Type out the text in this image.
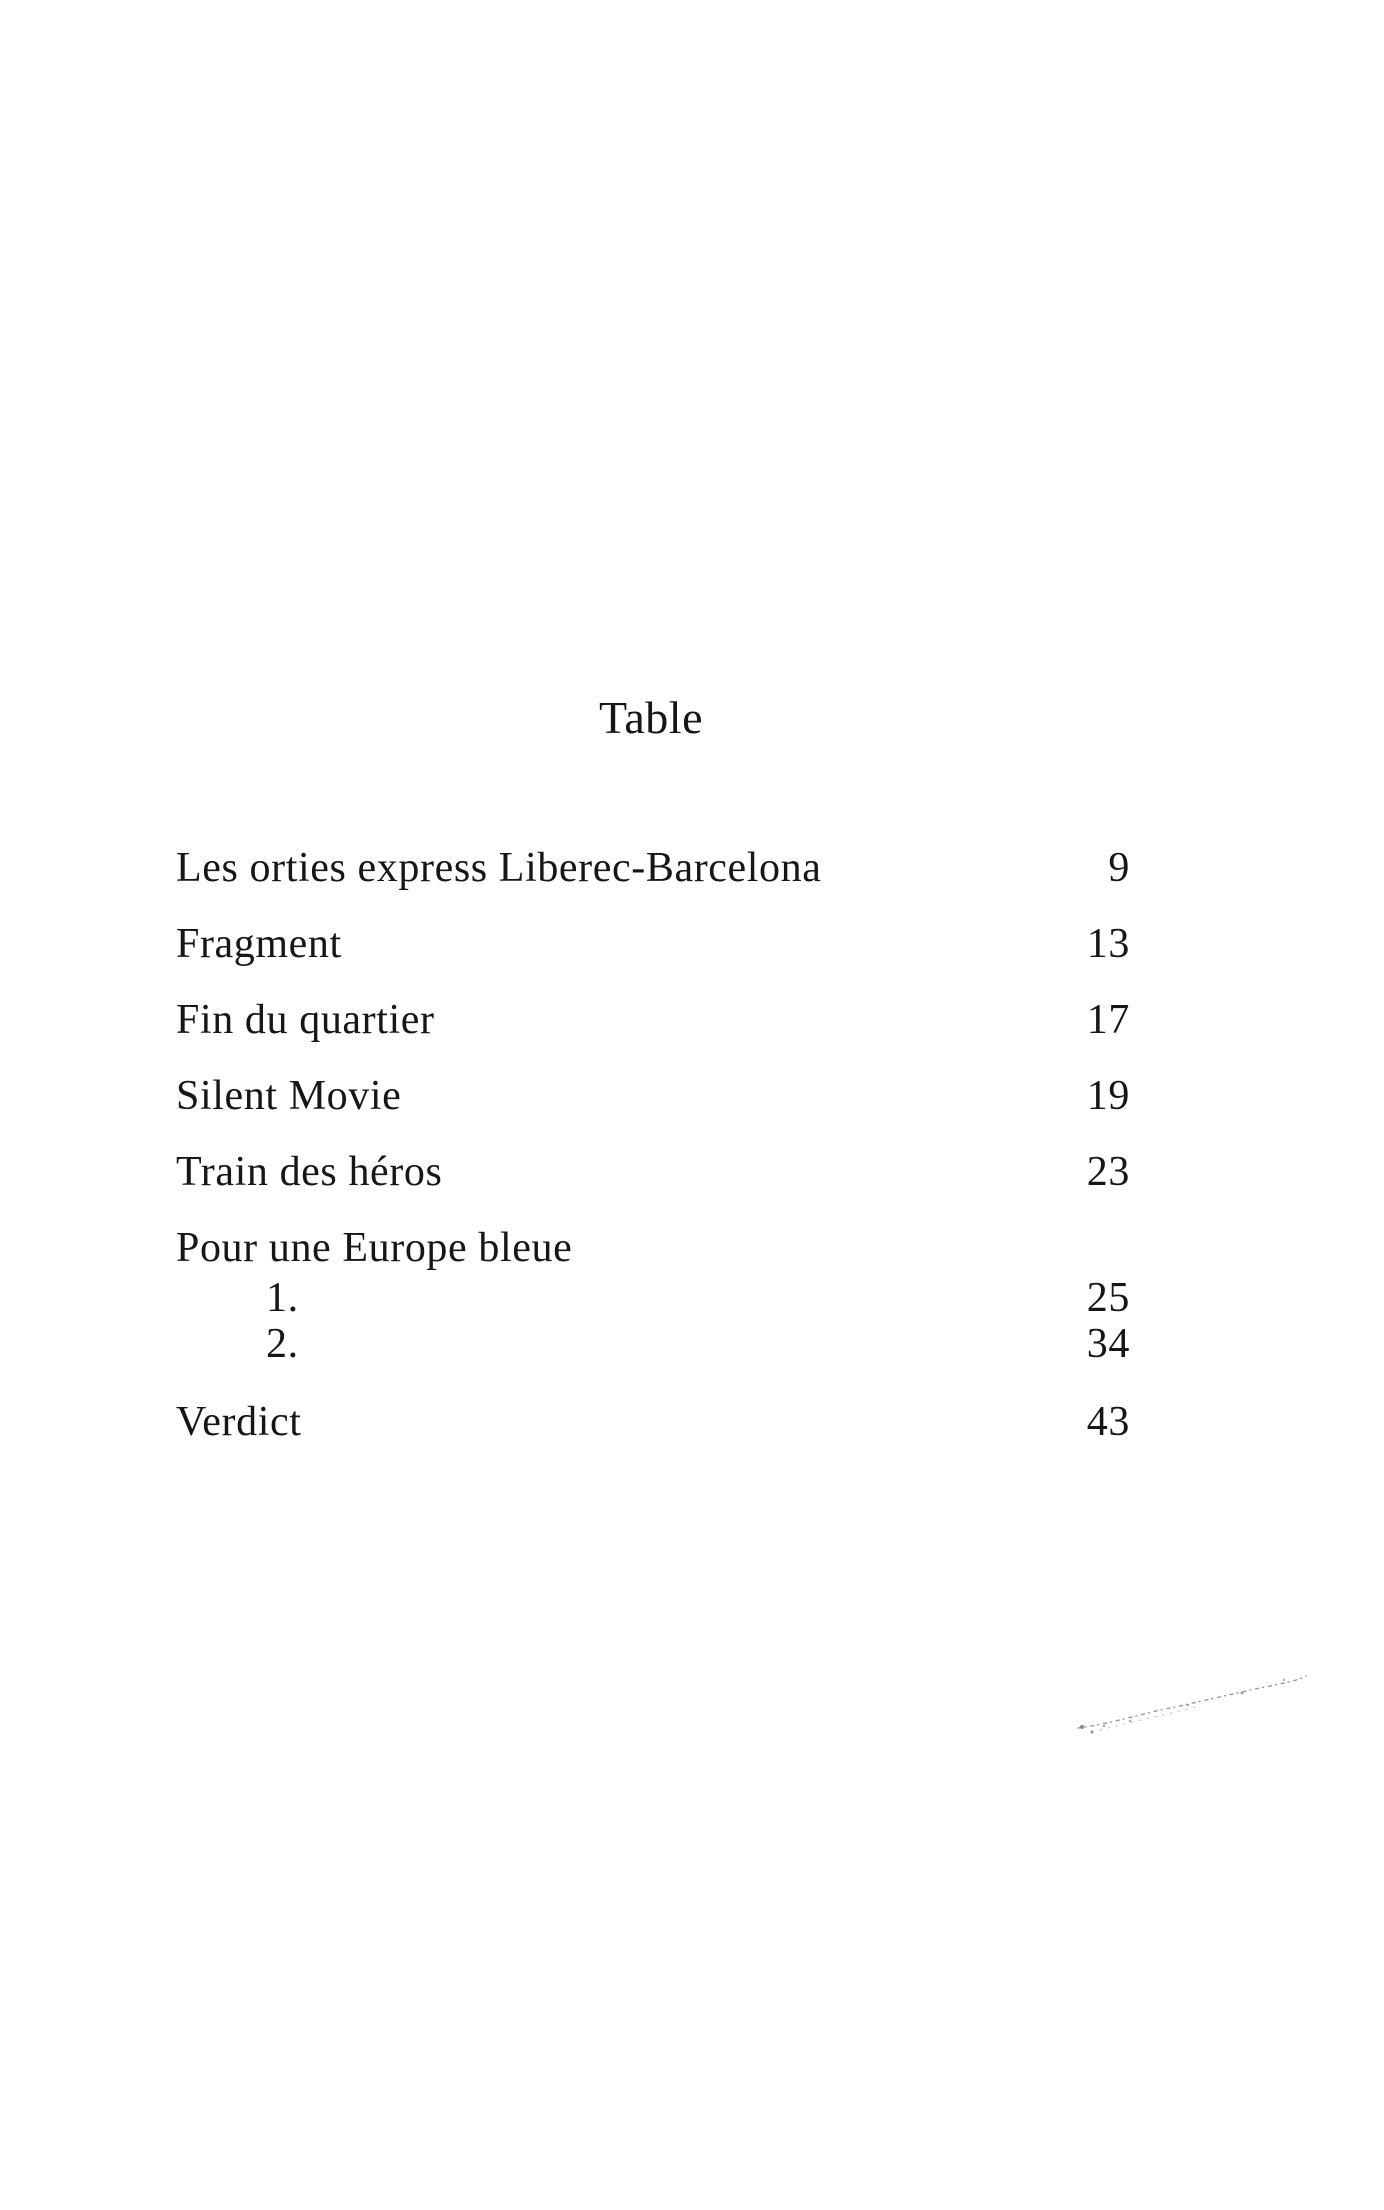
Table
Les orties express Liberec-Barcelona	9
Fragment	13
Fin du quartier	17
Silent Movie	19
Train des héros	23
Pour une Europe bleue
1.	25
2.	34
Verdict	43
